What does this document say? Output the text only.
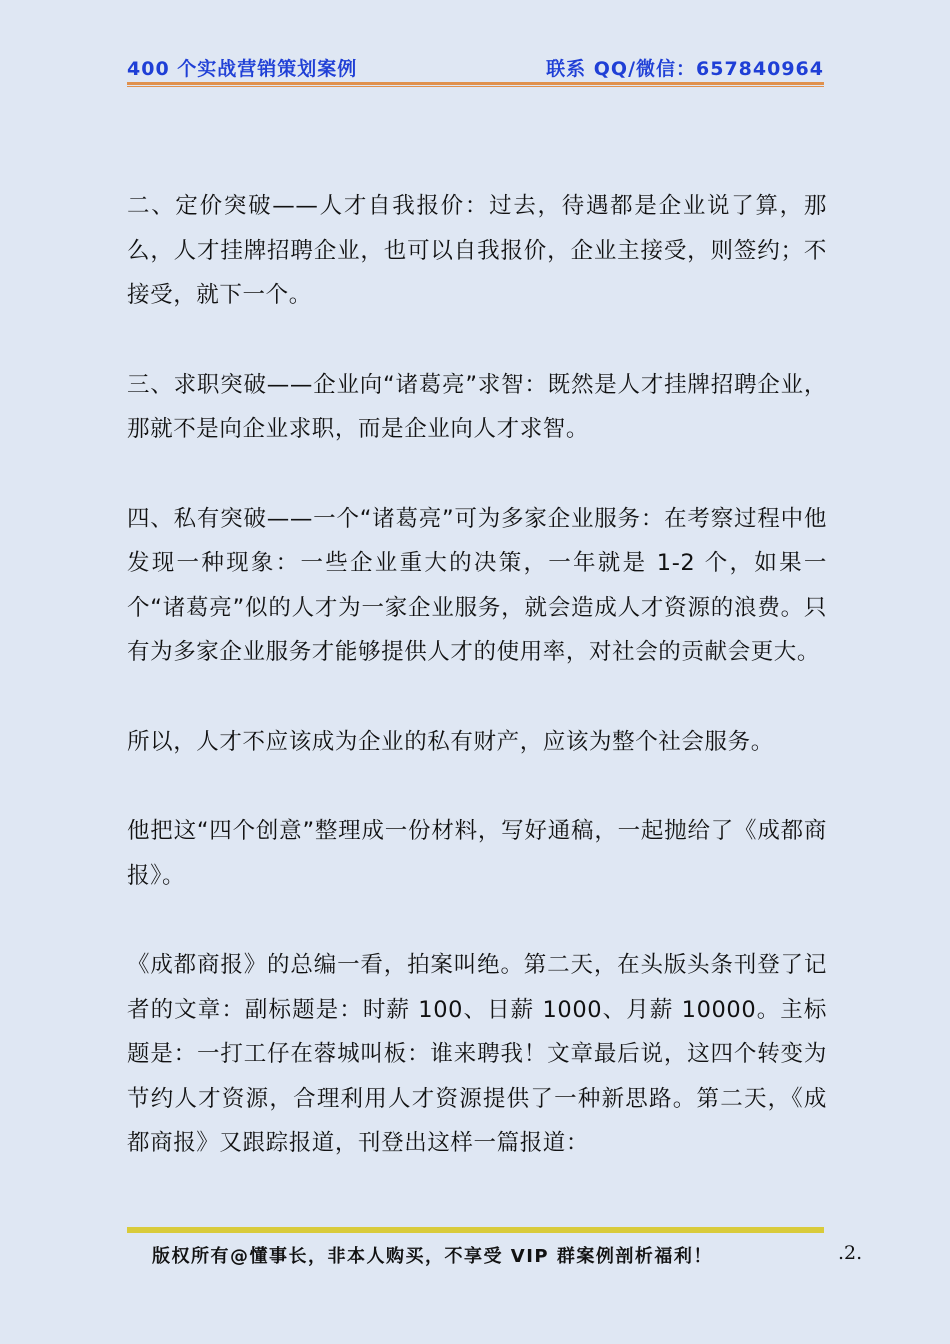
400 个实战营销策划案例	联系 QQ/微信：657840964

二、定价突破——人才自我报价：过去，待遇都是企业说了算，那么，人才挂牌招聘企业，也可以自我报价，企业主接受，则签约；不接受，就下一个。

三、求职突破——企业向“诸葛亮”求智：既然是人才挂牌招聘企业，那就不是向企业求职，而是企业向人才求智。

四、私有突破——一个“诸葛亮”可为多家企业服务：在考察过程中他发现一种现象：一些企业重大的决策，一年就是 1-2 个，如果一个“诸葛亮”似的人才为一家企业服务，就会造成人才资源的浪费。只有为多家企业服务才能够提供人才的使用率，对社会的贡献会更大。

所以，人才不应该成为企业的私有财产，应该为整个社会服务。

他把这“四个创意”整理成一份材料，写好通稿，一起抛给了《成都商报》。

《成都商报》的总编一看，拍案叫绝。第二天，在头版头条刊登了记者的文章：副标题是：时薪 100、日薪 1000、月薪 10000。主标题是：一打工仔在蓉城叫板：谁来聘我！文章最后说，这四个转变为节约人才资源，合理利用人才资源提供了一种新思路。第二天，《成都商报》又跟踪报道，刊登出这样一篇报道：

版权所有@懂事长，非本人购买，不享受 VIP 群案例剖析福利！	.2.
